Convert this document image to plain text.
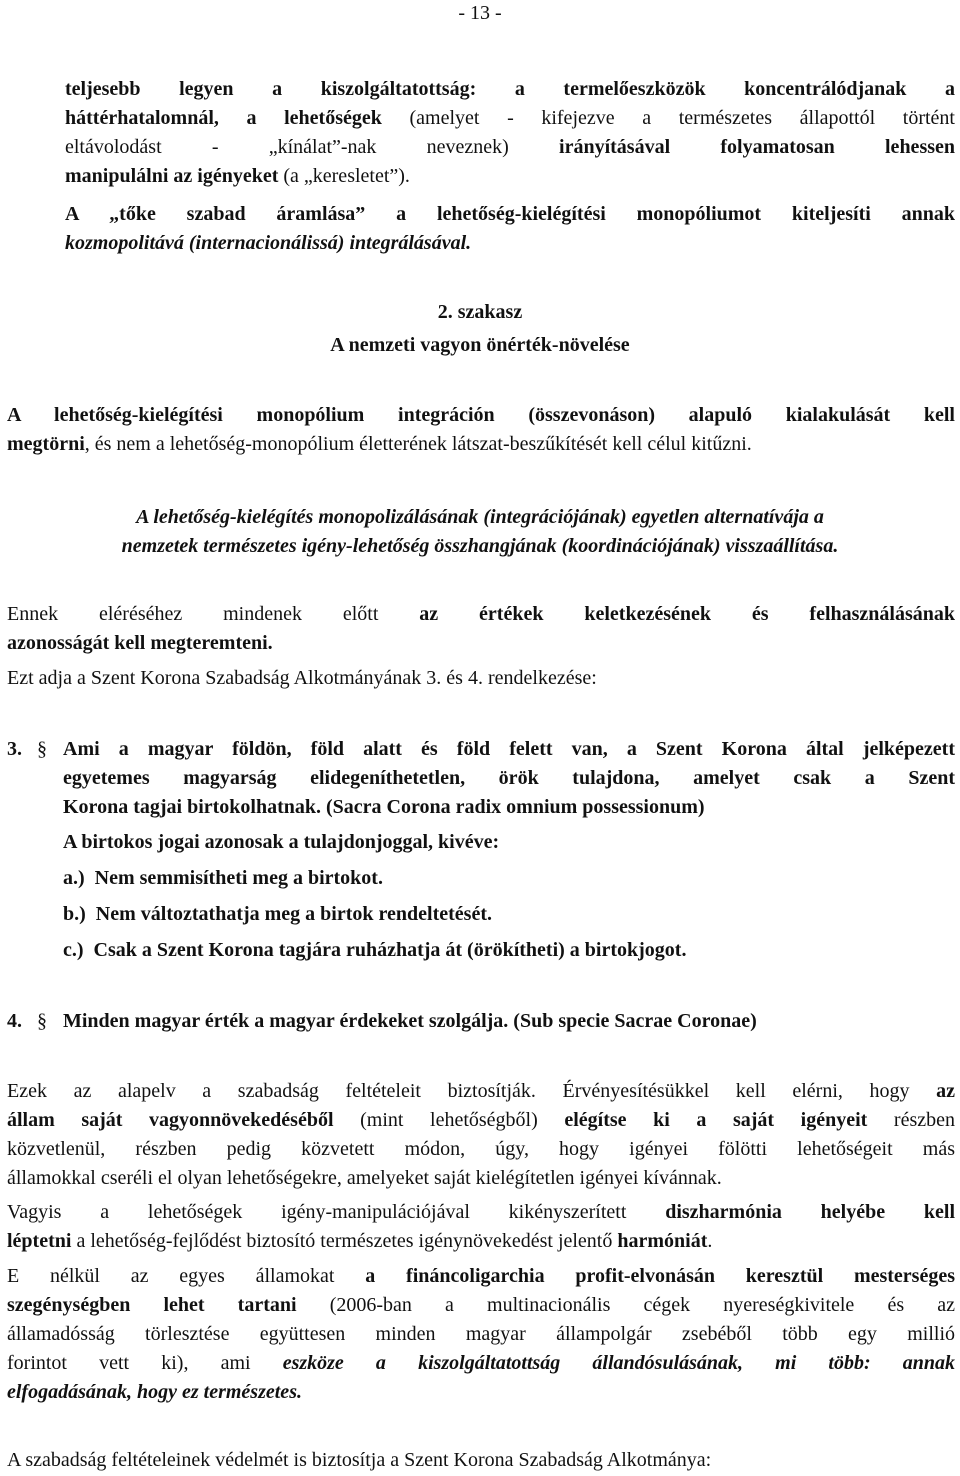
- 13 -
teljesebb legyen a kiszolgáltatottság: a termelőeszközök koncentrálódjanak a
háttérhatalomnál, a lehetőségek (amelyet - kifejezve a természetes állapottól történt
eltávolodást - „kínálat”-nak neveznek) irányításával folyamatosan lehessen
manipulálni az igényeket (a „keresletet”).
A „tőke szabad áramlása” a lehetőség-kielégítési monopóliumot kiteljesíti annak
kozmopolitává (internacionálissá) integrálásával.
2. szakasz
A nemzeti vagyon önérték-növelése
A lehetőség-kielégítési monopólium integráción (összevonáson) alapuló kialakulását kell
megtörni, és nem a lehetőség-monopólium életterének látszat-beszűkítését kell célul kitűzni.
A lehetőség-kielégítés monopolizálásának (integrációjának) egyetlen alternatívája a
nemzetek természetes igény-lehetőség összhangjának (koordinációjának) visszaállítása.
Ennek eléréséhez mindenek előtt az értékek keletkezésének és felhasználásának
azonosságát kell megteremteni.
Ezt adja a Szent Korona Szabadság Alkotmányának 3. és 4. rendelkezése:
3. § Ami a magyar földön, föld alatt és föld felett van, a Szent Korona által jelképezett
egyetemes magyarság elidegeníthetetlen, örök tulajdona, amelyet csak a Szent
Korona tagjai birtokolhatnak. (Sacra Corona radix omnium possessionum)
A birtokos jogai azonosak a tulajdonjoggal, kivéve:
a.) Nem semmisítheti meg a birtokot.
b.) Nem változtathatja meg a birtok rendeltetését.
c.) Csak a Szent Korona tagjára ruházhatja át (örökítheti) a birtokjogot.
4. § Minden magyar érték a magyar érdekeket szolgálja. (Sub specie Sacrae Coronae)
Ezek az alapelv a szabadság feltételeit biztosítják. Érvényesítésükkel kell elérni, hogy az
állam saját vagyonnövekedéséből (mint lehetőségből) elégítse ki a saját igényeit részben
közvetlenül, részben pedig közvetett módon, úgy, hogy igényei fölötti lehetőségeit más
államokkal cseréli el olyan lehetőségekre, amelyeket saját kielégítetlen igényei kívánnak.
Vagyis a lehetőségek igény-manipulációjával kikényszerített diszharmónia helyébe kell
léptetni a lehetőség-fejlődést biztosító természetes igénynövekedést jelentő harmóniát.
E nélkül az egyes államokat a fináncoligarchia profit-elvonásán keresztül mesterséges
szegénységben lehet tartani (2006-ban a multinacionális cégek nyereségkivitele és az
államadósság törlesztése együttesen minden magyar állampolgár zsebéből több egy millió
forintot vett ki), ami eszköze a kiszolgáltatottság állandósulásának, mi több: annak
elfogadásának, hogy ez természetes.
A szabadság feltételeinek védelmét is biztosítja a Szent Korona Szabadság Alkotmánya:
